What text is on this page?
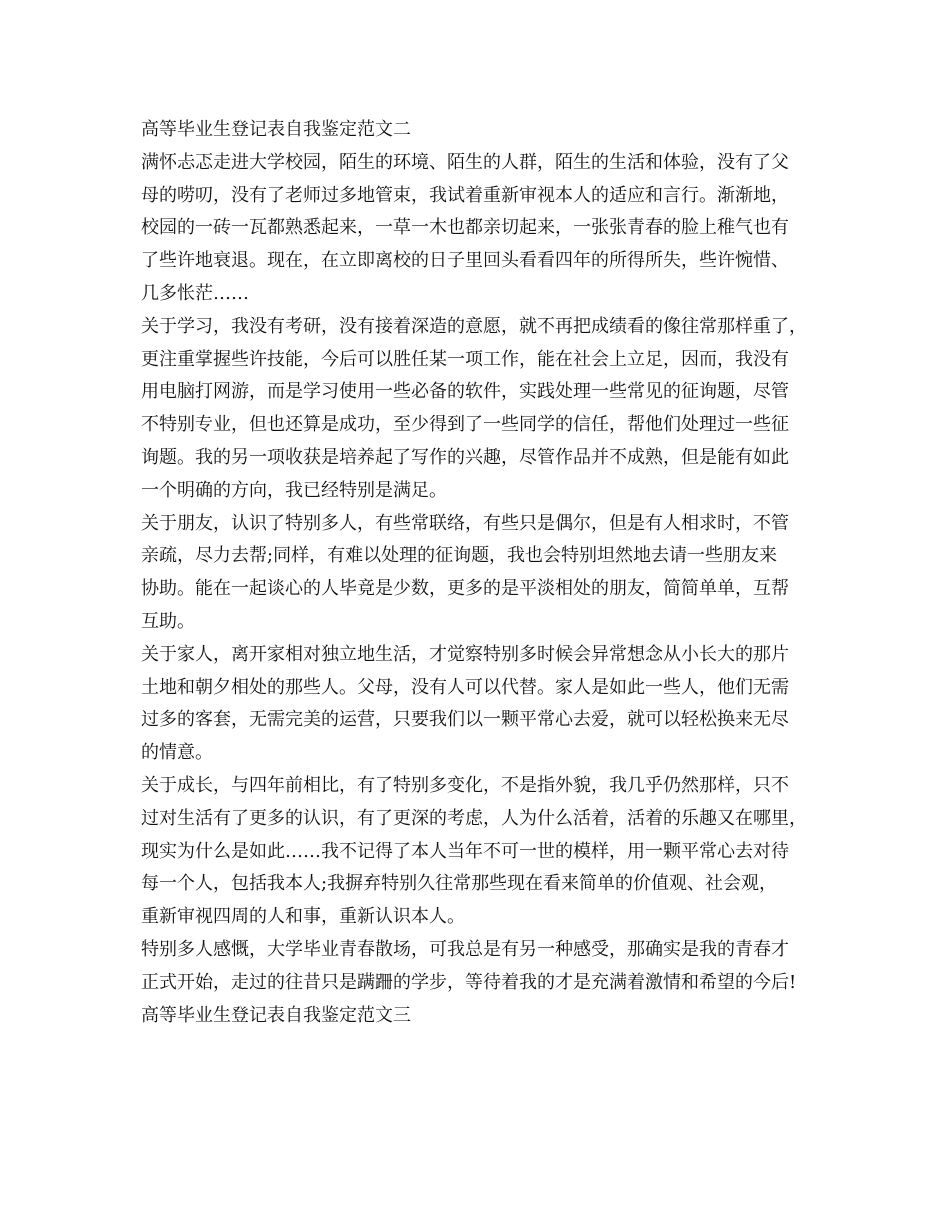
高等毕业生登记表自我鉴定范文二
满怀忐忑走进大学校园，陌生的环境、陌生的人群，陌生的生活和体验，没有了父
母的唠叨，没有了老师过多地管束，我试着重新审视本人的适应和言行。渐渐地，
校园的一砖一瓦都熟悉起来，一草一木也都亲切起来，一张张青春的脸上稚气也有
了些许地衰退。现在，在立即离校的日子里回头看看四年的所得所失，些许惋惜、
几多怅茫……
关于学习，我没有考研，没有接着深造的意愿，就不再把成绩看的像往常那样重了，
更注重掌握些许技能，今后可以胜任某一项工作，能在社会上立足，因而，我没有
用电脑打网游，而是学习使用一些必备的软件，实践处理一些常见的征询题，尽管
不特别专业，但也还算是成功，至少得到了一些同学的信任，帮他们处理过一些征
询题。我的另一项收获是培养起了写作的兴趣，尽管作品并不成熟，但是能有如此
一个明确的方向，我已经特别是满足。
关于朋友，认识了特别多人，有些常联络，有些只是偶尔，但是有人相求时，不管
亲疏，尽力去帮;同样，有难以处理的征询题，我也会特别坦然地去请一些朋友来
协助。能在一起谈心的人毕竟是少数，更多的是平淡相处的朋友，简简单单，互帮
互助。
关于家人，离开家相对独立地生活，才觉察特别多时候会异常想念从小长大的那片
土地和朝夕相处的那些人。父母，没有人可以代替。家人是如此一些人，他们无需
过多的客套，无需完美的运营，只要我们以一颗平常心去爱，就可以轻松换来无尽
的情意。
关于成长，与四年前相比，有了特别多变化，不是指外貌，我几乎仍然那样，只不
过对生活有了更多的认识，有了更深的考虑，人为什么活着，活着的乐趣又在哪里，
现实为什么是如此……我不记得了本人当年不可一世的模样，用一颗平常心去对待
每一个人，包括我本人;我摒弃特别久往常那些现在看来简单的价值观、社会观，
重新审视四周的人和事，重新认识本人。
特别多人感慨，大学毕业青春散场，可我总是有另一种感受，那确实是我的青春才
正式开始，走过的往昔只是蹒跚的学步，等待着我的才是充满着激情和希望的今后!
高等毕业生登记表自我鉴定范文三
